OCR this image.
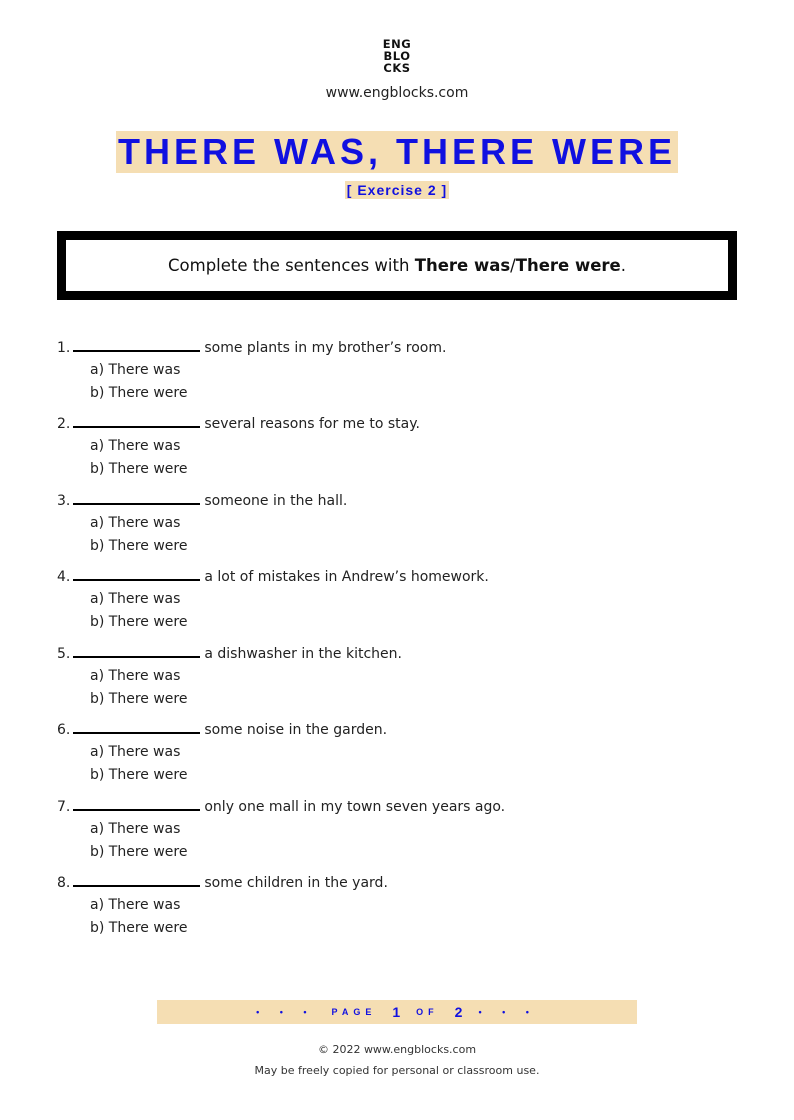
ENG
BLO
CKS
www.engblocks.com
THERE WAS, THERE WERE
[ Exercise 2 ]
Complete the sentences with There was/There were.
1.	some plants in my brother’s room.
a) There was
b) There were
2.	several reasons for me to stay.
a) There was
b) There were
3.	someone in the hall.
a) There was
b) There were
4.	a lot of mistakes in Andrew’s homework.
a) There was
b) There were
5.	a dishwasher in the kitchen.
a) There was
b) There were
6.	some noise in the garden.
a) There was
b) There were
7.	only one mall in my town seven years ago.
a) There was
b) There were
8.	some children in the yard.
a) There was
b) There were
• • • PAGE 1 OF 2 • • •
© 2022 www.engblocks.com
May be freely copied for personal or classroom use.
